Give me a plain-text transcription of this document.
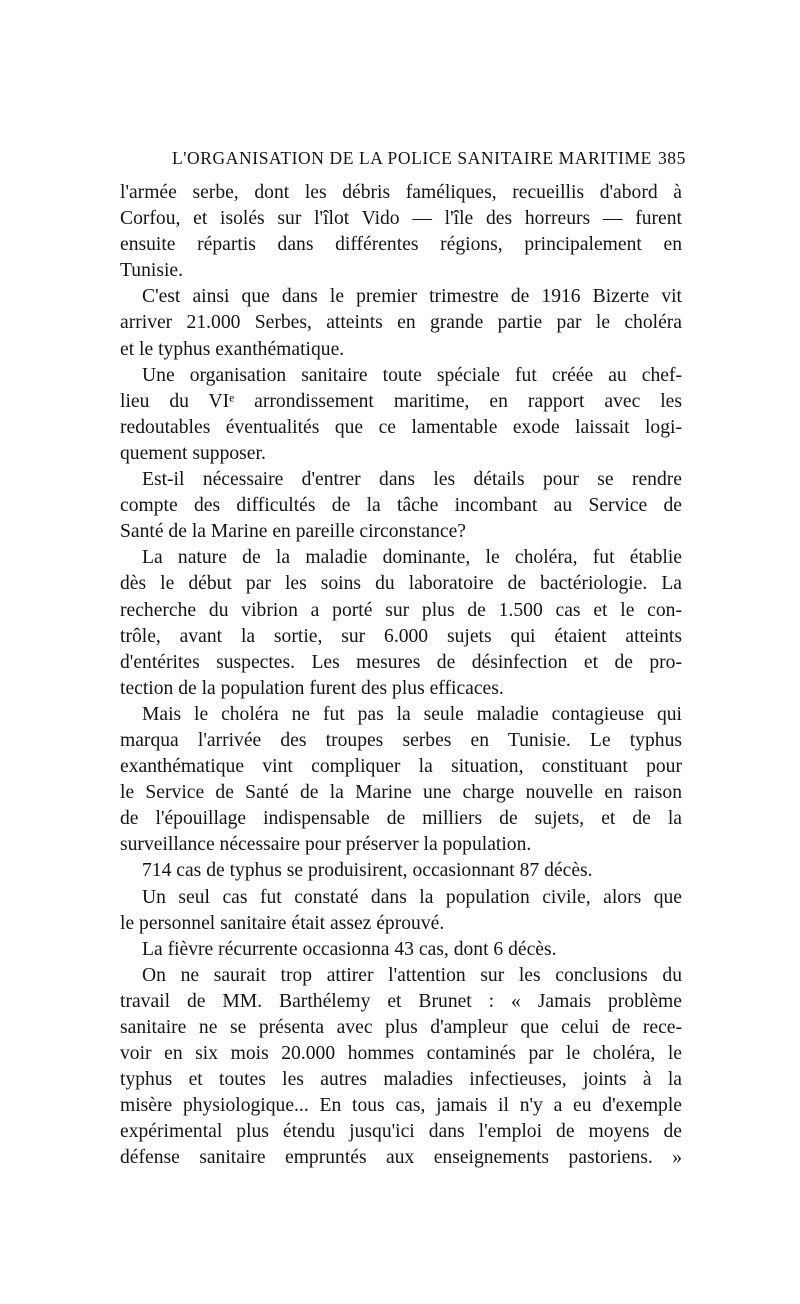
L'ORGANISATION DE LA POLICE SANITAIRE MARITIME 385
l'armée serbe, dont les débris faméliques, recueillis d'abord à
Corfou, et isolés sur l'îlot Vido — l'île des horreurs — furent
ensuite répartis dans différentes régions, principalement en
Tunisie.
C'est ainsi que dans le premier trimestre de 1916 Bizerte vit
arriver 21.000 Serbes, atteints en grande partie par le choléra
et le typhus exanthématique.
Une organisation sanitaire toute spéciale fut créée au chef-
lieu du VIᵉ arrondissement maritime, en rapport avec les
redoutables éventualités que ce lamentable exode laissait logi-
quement supposer.
Est-il nécessaire d'entrer dans les détails pour se rendre
compte des difficultés de la tâche incombant au Service de
Santé de la Marine en pareille circonstance?
La nature de la maladie dominante, le choléra, fut établie
dès le début par les soins du laboratoire de bactériologie. La
recherche du vibrion a porté sur plus de 1.500 cas et le con-
trôle, avant la sortie, sur 6.000 sujets qui étaient atteints
d'entérites suspectes. Les mesures de désinfection et de pro-
tection de la population furent des plus efficaces.
Mais le choléra ne fut pas la seule maladie contagieuse qui
marqua l'arrivée des troupes serbes en Tunisie. Le typhus
exanthématique vint compliquer la situation, constituant pour
le Service de Santé de la Marine une charge nouvelle en raison
de l'épouillage indispensable de milliers de sujets, et de la
surveillance nécessaire pour préserver la population.
714 cas de typhus se produisirent, occasionnant 87 décès.
Un seul cas fut constaté dans la population civile, alors que
le personnel sanitaire était assez éprouvé.
La fièvre récurrente occasionna 43 cas, dont 6 décès.
On ne saurait trop attirer l'attention sur les conclusions du
travail de MM. Barthélemy et Brunet : « Jamais problème
sanitaire ne se présenta avec plus d'ampleur que celui de rece-
voir en six mois 20.000 hommes contaminés par le choléra, le
typhus et toutes les autres maladies infectieuses, joints à la
misère physiologique... En tous cas, jamais il n'y a eu d'exemple
expérimental plus étendu jusqu'ici dans l'emploi de moyens de
défense sanitaire empruntés aux enseignements pastoriens. »
